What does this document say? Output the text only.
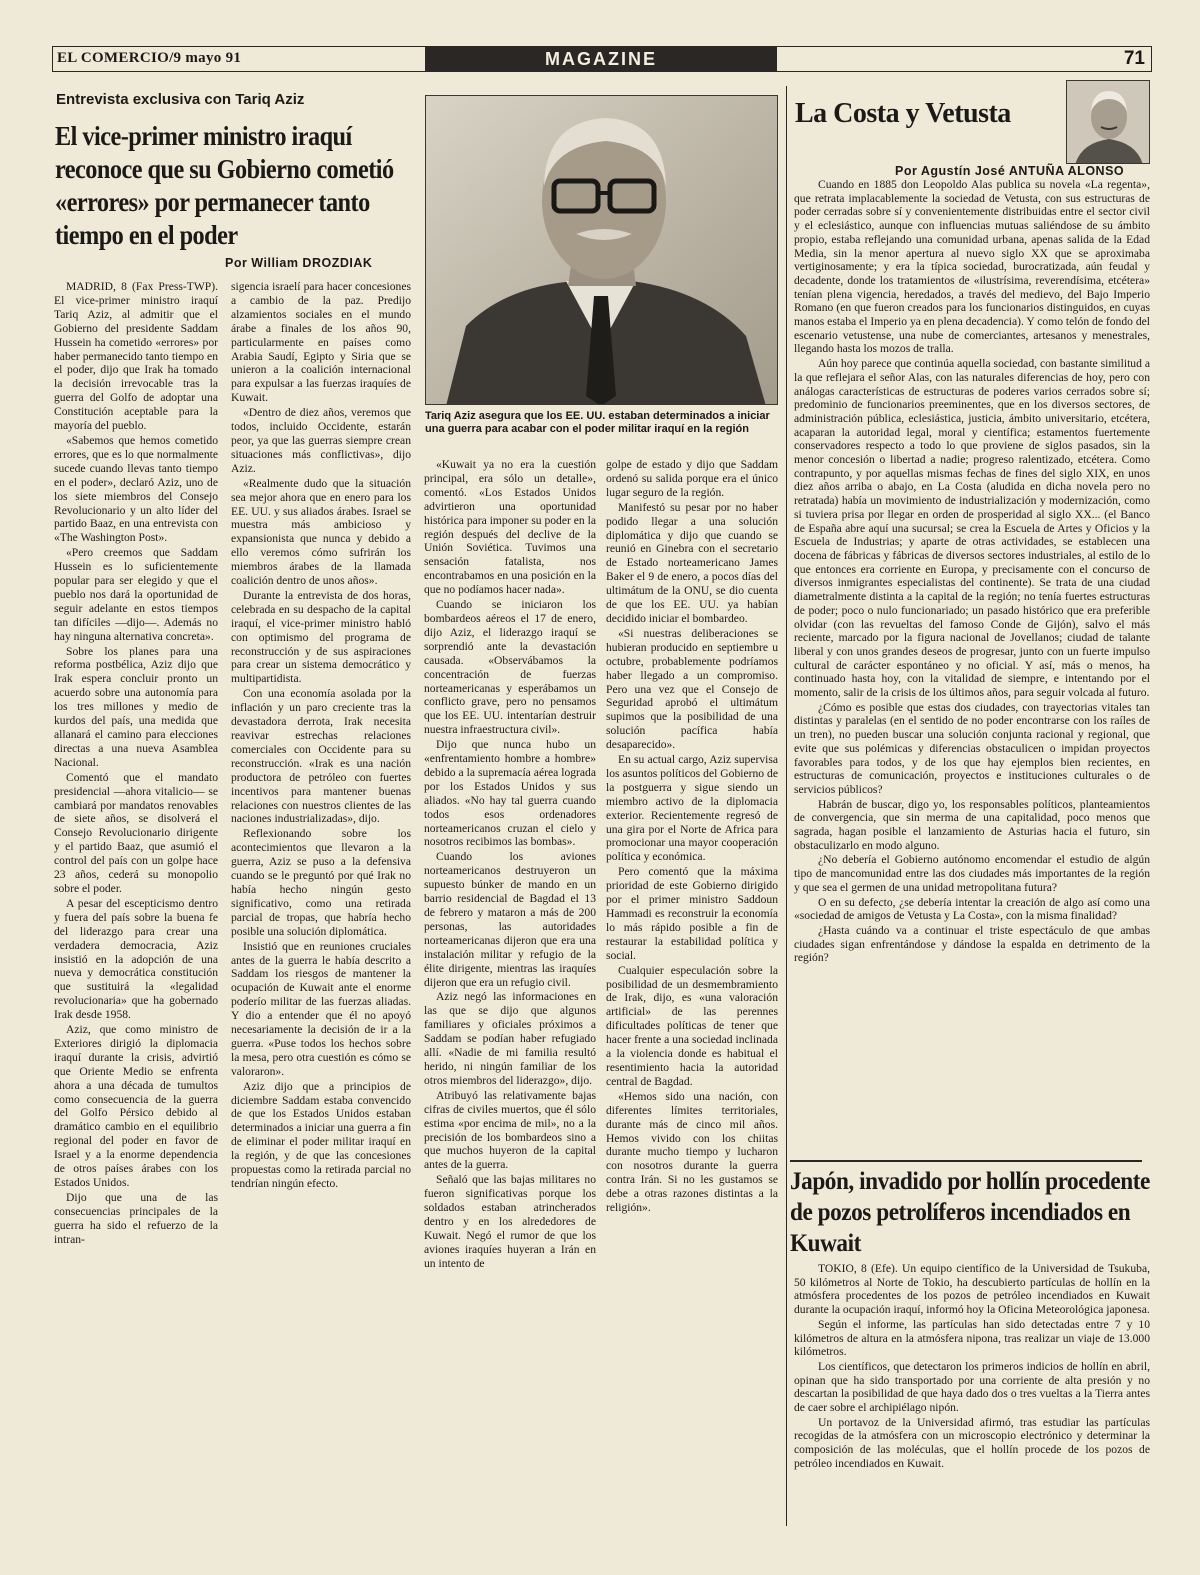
EL COMERCIO/9 mayo 91	MAGAZINE	71
Entrevista exclusiva con Tariq Aziz
El vice-primer ministro iraquí reconoce que su Gobierno cometió «errores» por permanecer tanto tiempo en el poder
Por William DROZDIAK

MADRID, 8 (Fax Press-TWP). El vice-primer ministro iraquí Tariq Aziz, al admitir que el Gobierno del presidente Saddam Hussein ha cometido «errores» por haber permanecido tanto tiempo en el poder, dijo que Irak ha tomado la decisión irrevocable tras la guerra del Golfo de adoptar una Constitución aceptable para la mayoría del pueblo.

«Sabemos que hemos cometido errores, que es lo que normalmente sucede cuando llevas tanto tiempo en el poder», declaró Aziz, uno de los siete miembros del Consejo Revolucionario y un alto líder del partido Baaz, en una entrevista con «The Washington Post».

«Pero creemos que Saddam Hussein es lo suficientemente popular para ser elegido y que el pueblo nos dará la oportunidad de seguir adelante en estos tiempos tan difíciles —dijo—. Además no hay ninguna alternativa concreta».

Sobre los planes para una reforma postbélica, Aziz dijo que Irak espera concluir pronto un acuerdo sobre una autonomía para los tres millones y medio de kurdos del país, una medida que allanará el camino para elecciones directas a una nueva Asamblea Nacional.

Comentó que el mandato presidencial —ahora vitalicio— se cambiará por mandatos renovables de siete años, se disolverá el Consejo Revolucionario dirigente y el partido Baaz, que asumió el control del país con un golpe hace 23 años, cederá su monopolio sobre el poder.

A pesar del escepticismo dentro y fuera del país sobre la buena fe del liderazgo para crear una verdadera democracia, Aziz insistió en la adopción de una nueva y democrática constitución que sustituirá la «legalidad revolucionaria» que ha gobernado Irak desde 1958.

Aziz, que como ministro de Exteriores dirigió la diplomacia iraquí durante la crisis, advirtió que Oriente Medio se enfrenta ahora a una década de tumultos como consecuencia de la guerra del Golfo Pérsico debido al dramático cambio en el equilibrio regional del poder en favor de Israel y a la enorme dependencia de otros países árabes con los Estados Unidos.

Dijo que una de las consecuencias principales de la guerra ha sido el refuerzo de la intran-

sigencia israelí para hacer concesiones a cambio de la paz. Predijo alzamientos sociales en el mundo árabe a finales de los años 90, particularmente en países como Arabia Saudí, Egipto y Siria que se unieron a la coalición internacional para expulsar a las fuerzas iraquíes de Kuwait.

«Dentro de diez años, veremos que todos, incluido Occidente, estarán peor, ya que las guerras siempre crean situaciones más conflictivas», dijo Aziz.

«Realmente dudo que la situación sea mejor ahora que en enero para los EE. UU. y sus aliados árabes. Israel se muestra más ambicioso y expansionista que nunca y debido a ello veremos cómo sufrirán los miembros árabes de la llamada coalición dentro de unos años».

Durante la entrevista de dos horas, celebrada en su despacho de la capital iraquí, el vice-primer ministro habló con optimismo del programa de reconstrucción y de sus aspiraciones para crear un sistema democrático y multipartidista.

Con una economía asolada por la inflación y un paro creciente tras la devastadora derrota, Irak necesita reavivar estrechas relaciones comerciales con Occidente para su reconstrucción. «Irak es una nación productora de petróleo con fuertes incentivos para mantener buenas relaciones con nuestros clientes de las naciones industrializadas», dijo.

Reflexionando sobre los acontecimientos que llevaron a la guerra, Aziz se puso a la defensiva cuando se le preguntó por qué Irak no había hecho ningún gesto significativo, como una retirada parcial de tropas, que habría hecho posible una solución diplomática.

Insistió que en reuniones cruciales antes de la guerra le había descrito a Saddam los riesgos de mantener la ocupación de Kuwait ante el enorme poderío militar de las fuerzas aliadas. Y dio a entender que él no apoyó necesariamente la decisión de ir a la guerra. «Puse todos los hechos sobre la mesa, pero otra cuestión es cómo se valoraron».

Aziz dijo que a principios de diciembre Saddam estaba convencido de que los Estados Unidos estaban determinados a iniciar una guerra a fin de eliminar el poder militar iraquí en la región, y de que las concesiones propuestas como la retirada parcial no tendrían ningún efecto.

Tariq Aziz asegura que los EE. UU. estaban determinados a iniciar una guerra para acabar con el poder militar iraquí en la región

«Kuwait ya no era la cuestión principal, era sólo un detalle», comentó. «Los Estados Unidos advirtieron una oportunidad histórica para imponer su poder en la región después del declive de la Unión Soviética. Tuvimos una sensación fatalista, nos encontrabamos en una posición en la que no podíamos hacer nada».

Cuando se iniciaron los bombardeos aéreos el 17 de enero, dijo Aziz, el liderazgo iraquí se sorprendió ante la devastación causada. «Observábamos la concentración de fuerzas norteamericanas y esperábamos un conflicto grave, pero no pensamos que los EE. UU. intentarían destruir nuestra infraestructura civil».

Dijo que nunca hubo un «enfrentamiento hombre a hombre» debido a la supremacía aérea lograda por los Estados Unidos y sus aliados. «No hay tal guerra cuando todos esos ordenadores norteamericanos cruzan el cielo y nosotros recibimos las bombas».

Cuando los aviones norteamericanos destruyeron un supuesto búnker de mando en un barrio residencial de Bagdad el 13 de febrero y mataron a más de 200 personas, las autoridades norteamericanas dijeron que era una instalación militar y refugio de la élite dirigente, mientras las iraquíes dijeron que era un refugio civil.

Aziz negó las informaciones en las que se dijo que algunos familiares y oficiales próximos a Saddam se podían haber refugiado allí. «Nadie de mi familia resultó herido, ni ningún familiar de los otros miembros del liderazgo», dijo.

Atribuyó las relativamente bajas cifras de civiles muertos, que él sólo estima «por encima de mil», no a la precisión de los bombardeos sino a que muchos huyeron de la capital antes de la guerra.

Señaló que las bajas militares no fueron significativas porque los soldados estaban atrincherados dentro y en los alrededores de Kuwait. Negó el rumor de que los aviones iraquíes huyeran a Irán en un intento de

golpe de estado y dijo que Saddam ordenó su salida porque era el único lugar seguro de la región.

Manifestó su pesar por no haber podido llegar a una solución diplomática y dijo que cuando se reunió en Ginebra con el secretario de Estado norteamericano James Baker el 9 de enero, a pocos días del ultimátum de la ONU, se dio cuenta de que los EE. UU. ya habían decidido iniciar el bombardeo.

«Si nuestras deliberaciones se hubieran producido en septiembre u octubre, probablemente podríamos haber llegado a un compromiso. Pero una vez que el Consejo de Seguridad aprobó el ultimátum supimos que la posibilidad de una solución pacífica había desaparecido».

En su actual cargo, Aziz supervisa los asuntos políticos del Gobierno de la postguerra y sigue siendo un miembro activo de la diplomacia exterior. Recientemente regresó de una gira por el Norte de Africa para promocionar una mayor cooperación política y económica.

Pero comentó que la máxima prioridad de este Gobierno dirigido por el primer ministro Saddoun Hammadi es reconstruir la economía lo más rápido posible a fin de restaurar la estabilidad política y social.

Cualquier especulación sobre la posibilidad de un desmembramiento de Irak, dijo, es «una valoración artificial» de las perennes dificultades políticas de tener que hacer frente a una sociedad inclinada a la violencia donde es habitual el resentimiento hacia la autoridad central de Bagdad.

«Hemos sido una nación, con diferentes límites territoriales, durante más de cinco mil años. Hemos vivido con los chiitas durante mucho tiempo y lucharon con nosotros durante la guerra contra Irán. Si no les gustamos se debe a otras razones distintas a la religión».

La Costa y Vetusta
Por Agustín José ANTUÑA ALONSO

Cuando en 1885 don Leopoldo Alas publica su novela «La regenta», que retrata implacablemente la sociedad de Vetusta, con sus estructuras de poder cerradas sobre sí y convenientemente distribuidas entre el sector civil y el eclesiástico, aunque con influencias mutuas saliéndose de su ámbito propio, estaba reflejando una comunidad urbana, apenas salida de la Edad Media, sin la menor apertura al nuevo siglo XX que se aproximaba vertiginosamente; y era la típica sociedad, burocratizada, aún feudal y decadente, donde los tratamientos de «ilustrísima, reverendísima, etcétera» tenían plena vigencia, heredados, a través del medievo, del Bajo Imperio Romano (en que fueron creados para los funcionarios distinguidos, en cuyas manos estaba el Imperio ya en plena decadencia). Y como telón de fondo del escenario vetustense, una nube de comerciantes, artesanos y menestrales, llegando hasta los mozos de tralla.

Aún hoy parece que continúa aquella sociedad, con bastante similitud a la que reflejara el señor Alas, con las naturales diferencias de hoy, pero con análogas características de estructuras de poderes varios cerrados sobre sí; predominio de funcionarios preeminentes, que en los diversos sectores, de administración pública, eclesiástica, justicia, ámbito universitario, etcétera, acaparan la autoridad legal, moral y científica; estamentos fuertemente conservadores respecto a todo lo que proviene de siglos pasados, sin la menor concesión o libertad a nadie; progreso ralentizado, etcétera. Como contrapunto, y por aquellas mismas fechas de fines del siglo XIX, en unos diez años arriba o abajo, en La Costa (aludida en dicha novela pero no retratada) había un movimiento de industrialización y modernización, como si tuviera prisa por llegar en orden de prosperidad al siglo XX... (el Banco de España abre aquí una sucursal; se crea la Escuela de Artes y Oficios y la Escuela de Industrias; y aparte de otras actividades, se establecen una docena de fábricas y fábricas de diversos sectores industriales, al estilo de lo que entonces era corriente en Europa, y precisamente con el concurso de diversos inmigrantes especialistas del continente). Se trata de una ciudad diametralmente distinta a la capital de la región; no tenía fuertes estructuras de poder; poco o nulo funcionariado; un pasado histórico que era preferible olvidar (con las revueltas del famoso Conde de Gijón), salvo el más reciente, marcado por la figura nacional de Jovellanos; ciudad de talante liberal y con unos grandes deseos de progresar, junto con un fuerte impulso cultural de carácter espontáneo y no oficial. Y así, más o menos, ha continuado hasta hoy, con la vitalidad de siempre, e intentando por el momento, salir de la crisis de los últimos años, para seguir volcada al futuro.

¿Cómo es posible que estas dos ciudades, con trayectorias vitales tan distintas y paralelas (en el sentido de no poder encontrarse con los raíles de un tren), no pueden buscar una solución conjunta racional y regional, que evite que sus polémicas y diferencias obstaculicen o impidan proyectos favorables para todos, y de los que hay ejemplos bien recientes, en estructuras de comunicación, proyectos e instituciones culturales o de servicios públicos?

Habrán de buscar, digo yo, los responsables políticos, planteamientos de convergencia, que sin merma de una capitalidad, poco menos que sagrada, hagan posible el lanzamiento de Asturias hacia el futuro, sin obstaculizarlo en modo alguno.

¿No debería el Gobierno autónomo encomendar el estudio de algún tipo de mancomunidad entre las dos ciudades más importantes de la región y que sea el germen de una unidad metropolitana futura?

O en su defecto, ¿se debería intentar la creación de algo así como una «sociedad de amigos de Vetusta y La Costa», con la misma finalidad?

¿Hasta cuándo va a continuar el triste espectáculo de que ambas ciudades sigan enfrentándose y dándose la espalda en detrimento de la región?

Japón, invadido por hollín procedente de pozos petrolíferos incendiados en Kuwait

TOKIO, 8 (Efe). Un equipo científico de la Universidad de Tsukuba, 50 kilómetros al Norte de Tokio, ha descubierto partículas de hollín en la atmósfera procedentes de los pozos de petróleo incendiados en Kuwait durante la ocupación iraquí, informó hoy la Oficina Meteorológica japonesa.

Según el informe, las partículas han sido detectadas entre 7 y 10 kilómetros de altura en la atmósfera nipona, tras realizar un viaje de 13.000 kilómetros.

Los científicos, que detectaron los primeros indicios de hollín en abril, opinan que ha sido transportado por una corriente de alta presión y no descartan la posibilidad de que haya dado dos o tres vueltas a la Tierra antes de caer sobre el archipiélago nipón.

Un portavoz de la Universidad afirmó, tras estudiar las partículas recogidas de la atmósfera con un microscopio electrónico y determinar la composición de las moléculas, que el hollín procede de los pozos de petróleo incendiados en Kuwait.
